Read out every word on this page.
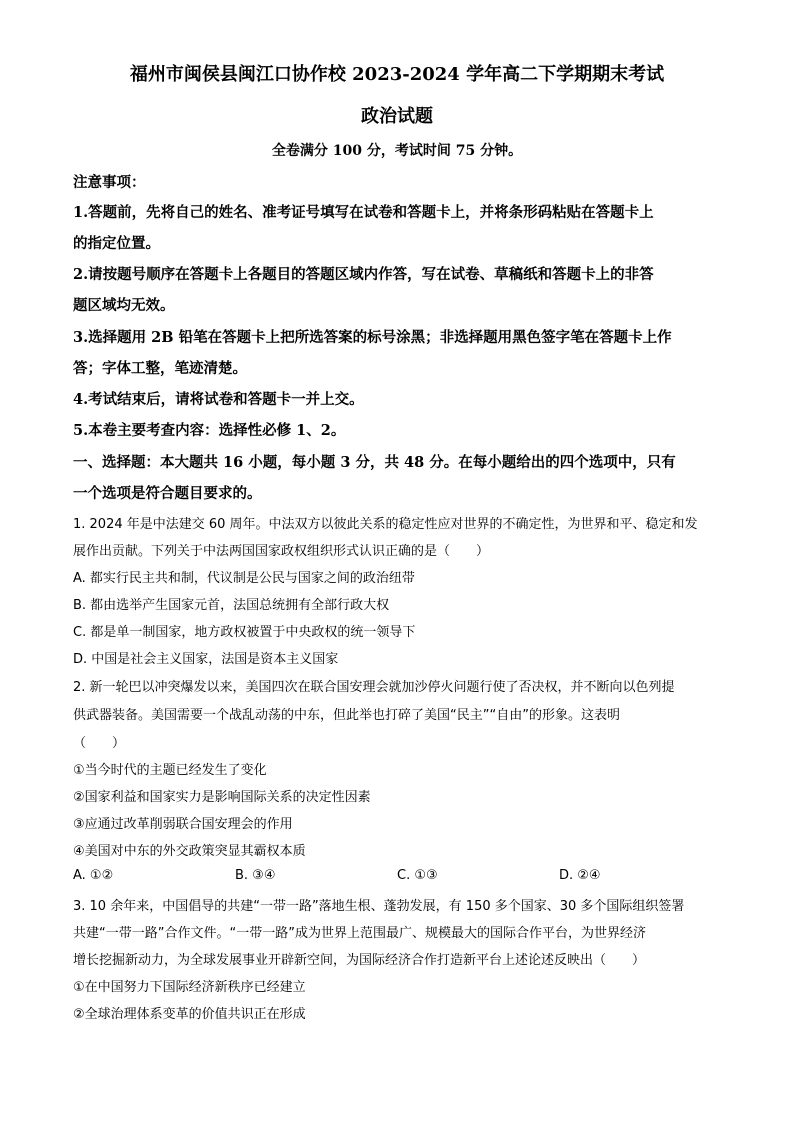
福州市闽侯县闽江口协作校 2023-2024 学年高二下学期期末考试
政治试题
全卷满分 100 分，考试时间 75 分钟。
注意事项：
1.答题前，先将自己的姓名、准考证号填写在试卷和答题卡上，并将条形码粘贴在答题卡上
的指定位置。
2.请按题号顺序在答题卡上各题目的答题区域内作答，写在试卷、草稿纸和答题卡上的非答
题区域均无效。
3.选择题用 2B 铅笔在答题卡上把所选答案的标号涂黑；非选择题用黑色签字笔在答题卡上作
答；字体工整，笔迹清楚。
4.考试结束后，请将试卷和答题卡一并上交。
5.本卷主要考查内容：选择性必修 1、2。
一、选择题：本大题共 16 小题，每小题 3 分，共 48 分。在每小题给出的四个选项中，只有
一个选项是符合题目要求的。
1. 2024 年是中法建交 60 周年。中法双方以彼此关系的稳定性应对世界的不确定性，为世界和平、稳定和发
展作出贡献。下列关于中法两国国家政权组织形式认识正确的是（　　）
A. 都实行民主共和制，代议制是公民与国家之间的政治纽带
B. 都由选举产生国家元首，法国总统拥有全部行政大权
C. 都是单一制国家，地方政权被置于中央政权的统一领导下
D. 中国是社会主义国家，法国是资本主义国家
2. 新一轮巴以冲突爆发以来，美国四次在联合国安理会就加沙停火问题行使了否决权，并不断向以色列提
供武器装备。美国需要一个战乱动荡的中东，但此举也打碎了美国“民主”“自由”的形象。这表明
（　　）
①当今时代的主题已经发生了变化
②国家利益和国家实力是影响国际关系的决定性因素
③应通过改革削弱联合国安理会的作用
④美国对中东的外交政策突显其霸权本质
A. ①②	B. ③④	C. ①③	D. ②④
3. 10 余年来，中国倡导的共建“一带一路”落地生根、蓬勃发展，有 150 多个国家、30 多个国际组织签署
共建“一带一路”合作文件。“一带一路”成为世界上范围最广、规模最大的国际合作平台，为世界经济
增长挖掘新动力，为全球发展事业开辟新空间，为国际经济合作打造新平台上述论述反映出（　　）
①在中国努力下国际经济新秩序已经建立
②全球治理体系变革的价值共识正在形成
